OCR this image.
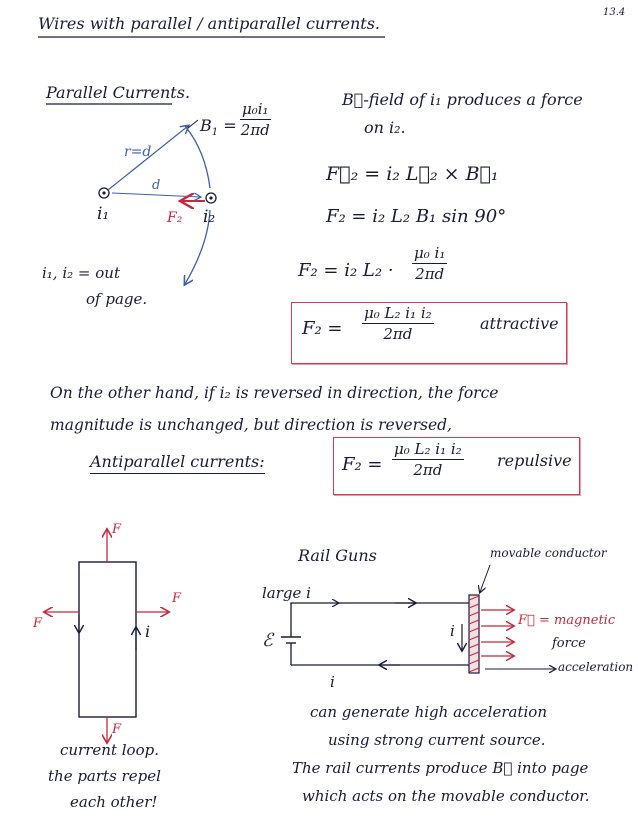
13.4
Wires with parallel / antiparallel currents.
Parallel Currents.
$B_1 = \frac{\text{μ₀i₁}}{2\pi d}$
r=d
d
i₁	i₂
F₂
i₁, i₂ = out
of page.
B⃗-field of i₁ produces a force
on i₂.
F⃗₂ = i₂ L⃗₂ × B⃗₁
F₂ = i₂ L₂ B₁ sin 90°
F₂ = i₂ $L_2 \cdot \frac{\text{μ₀ i₁}}{2\pi d}$
$F_2 = \frac{\text{μ₀ L₂ i₁ i₂}}{2\pi d}$	attractive
On the other hand, if i₂ is reversed in direction, the force
magnitude is unchanged, but direction is reversed,
Antiparallel currents:	$F_2 = \frac{\text{μ₀ L₂ i₁ i₂}}{2\pi d}$ repulsive
F
F
F
F
i
current loop.
the parts repel
each other!
Rail Guns	movable conductor
large i
ℰ	i
i
F⃗ = magnetic
force
acceleration
can generate high acceleration
using strong current source.
The rail currents produce B⃗ into page
which acts on the movable conductor.
